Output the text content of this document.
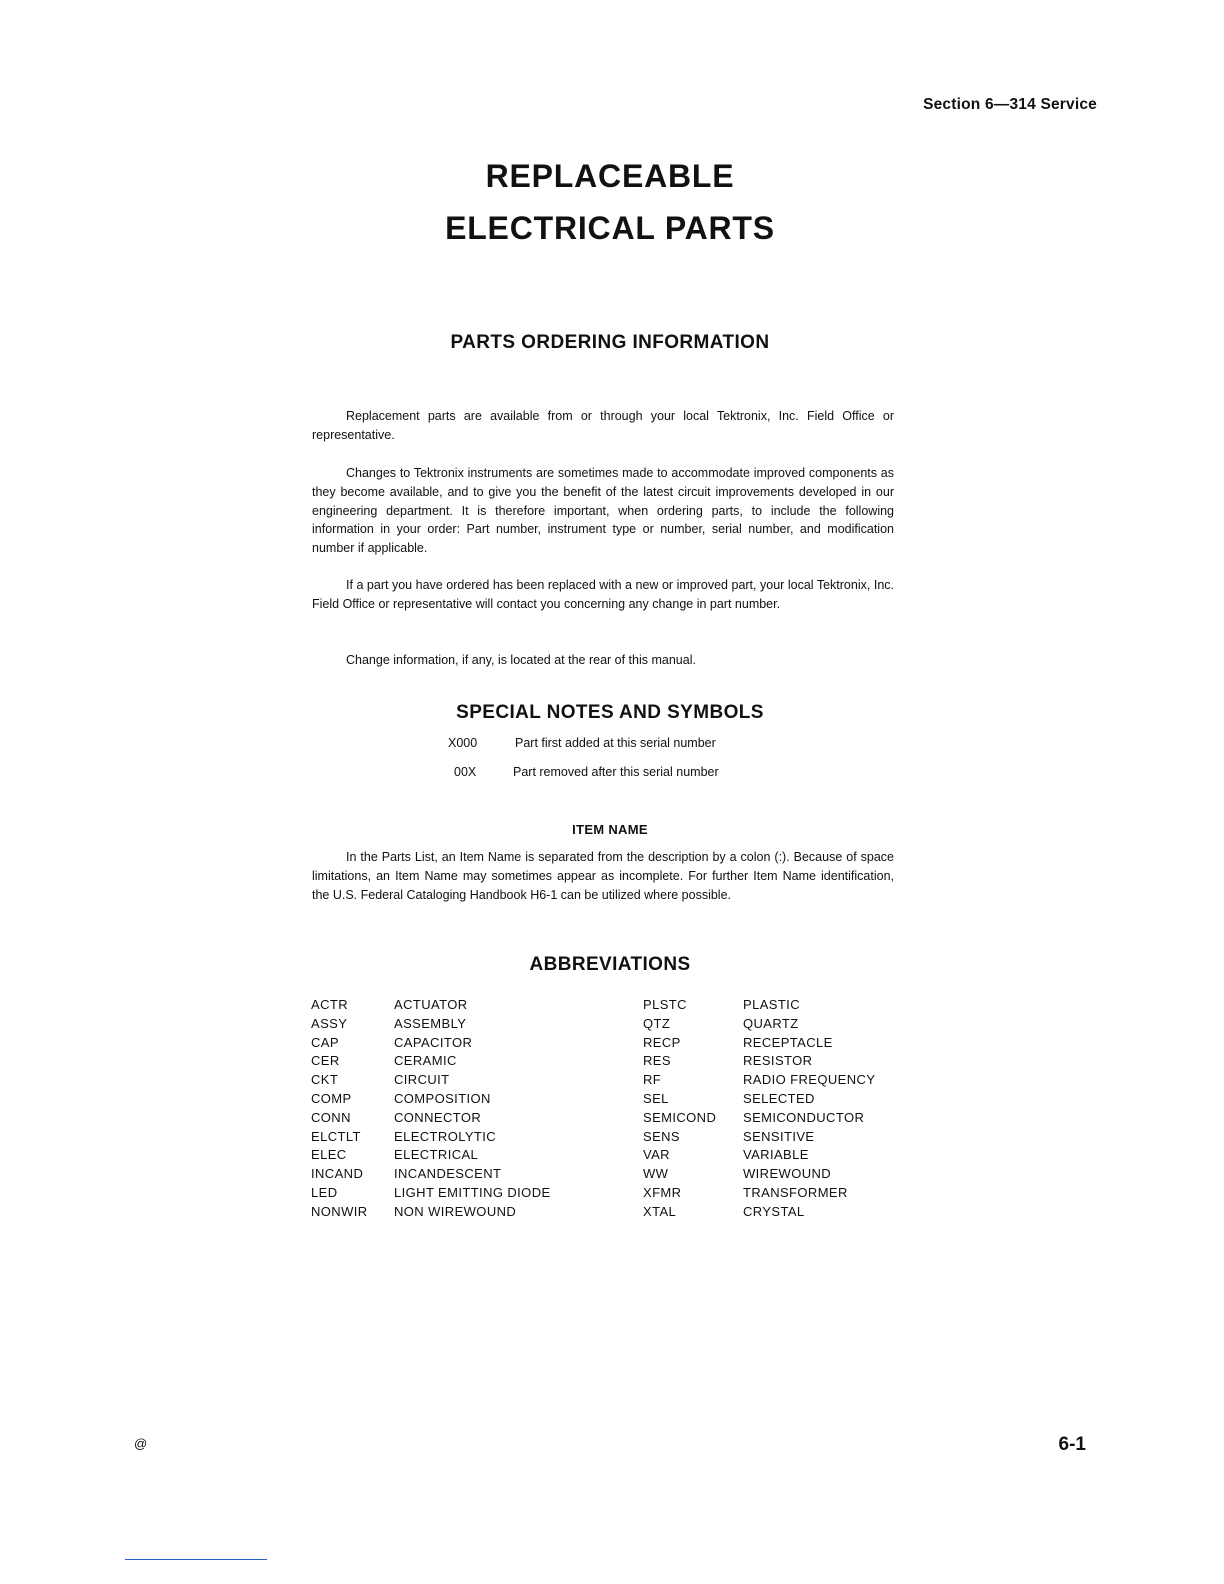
Section 6—314 Service
REPLACEABLE
ELECTRICAL PARTS
PARTS ORDERING INFORMATION

Replacement parts are available from or through your local Tektronix, Inc. Field Office or representative.

Changes to Tektronix instruments are sometimes made to accommodate improved components as they become available, and to give you the benefit of the latest circuit improvements developed in our engineering department. It is therefore important, when ordering parts, to include the following information in your order: Part number, instrument type or number, serial number, and modification number if applicable.

If a part you have ordered has been replaced with a new or improved part, your local Tektronix, Inc. Field Office or representative will contact you concerning any change in part number.

Change information, if any, is located at the rear of this manual.

SPECIAL NOTES AND SYMBOLS
X000	Part first added at this serial number
00X	Part removed after this serial number
ITEM NAME

In the Parts List, an Item Name is separated from the description by a colon (:). Because of space limitations, an Item Name may sometimes appear as incomplete. For further Item Name identification, the U.S. Federal Cataloging Handbook H6-1 can be utilized where possible.

ABBREVIATIONS
ACTR	ACTUATOR	PLSTC	PLASTIC
ASSY	ASSEMBLY	QTZ	QUARTZ
CAP	CAPACITOR	RECP	RECEPTACLE
CER	CERAMIC	RES	RESISTOR
CKT	CIRCUIT	RF	RADIO FREQUENCY
COMP	COMPOSITION	SEL	SELECTED
CONN	CONNECTOR	SEMICOND SEMICONDUCTOR
ELCTLT	ELECTROLYTIC	SENS	SENSITIVE
ELEC	ELECTRICAL	VAR	VARIABLE
INCAND INCANDESCENT	WW	WIREWOUND
LED	LIGHT EMITTING DIODE	XFMR	TRANSFORMER
NONWIR NON WIREWOUND	XTAL	CRYSTAL
@	6-1
